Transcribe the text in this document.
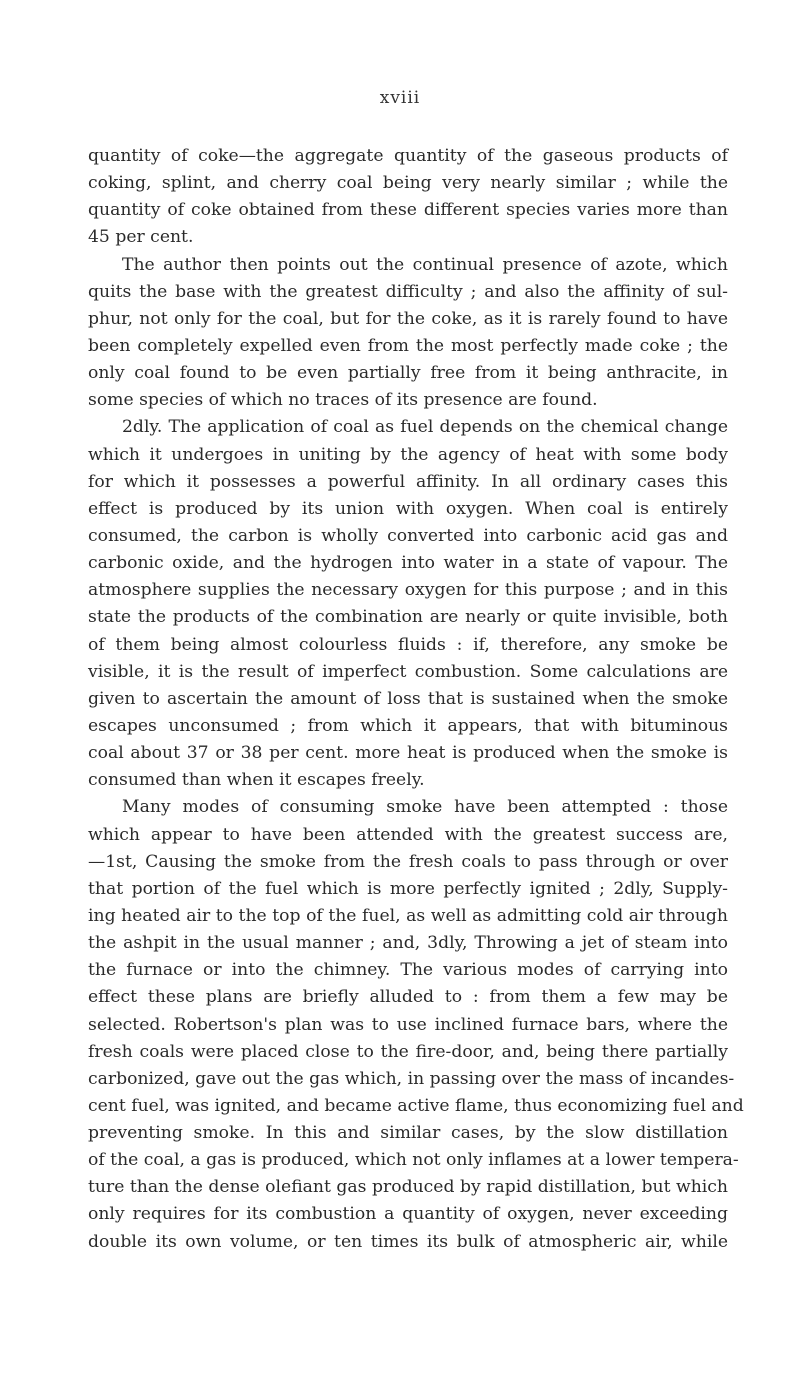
xviii
quantity of coke—the aggregate quantity of the gaseous products of
coking, splint, and cherry coal being very nearly similar ; while the
quantity of coke obtained from these different species varies more than
45 per cent.
The author then points out the continual presence of azote, which
quits the base with the greatest difficulty ; and also the affinity of sul-
phur, not only for the coal, but for the coke, as it is rarely found to have
been completely expelled even from the most perfectly made coke ; the
only coal found to be even partially free from it being anthracite, in
some species of which no traces of its presence are found.
2dly. The application of coal as fuel depends on the chemical change
which it undergoes in uniting by the agency of heat with some body
for which it possesses a powerful affinity. In all ordinary cases this
effect is produced by its union with oxygen. When coal is entirely
consumed, the carbon is wholly converted into carbonic acid gas and
carbonic oxide, and the hydrogen into water in a state of vapour. The
atmosphere supplies the necessary oxygen for this purpose ; and in this
state the products of the combination are nearly or quite invisible, both
of them being almost colourless fluids : if, therefore, any smoke be
visible, it is the result of imperfect combustion. Some calculations are
given to ascertain the amount of loss that is sustained when the smoke
escapes unconsumed ; from which it appears, that with bituminous
coal about 37 or 38 per cent. more heat is produced when the smoke is
consumed than when it escapes freely.
Many modes of consuming smoke have been attempted : those
which appear to have been attended with the greatest success are,
—1st, Causing the smoke from the fresh coals to pass through or over
that portion of the fuel which is more perfectly ignited ; 2dly, Supply-
ing heated air to the top of the fuel, as well as admitting cold air through
the ashpit in the usual manner ; and, 3dly, Throwing a jet of steam into
the furnace or into the chimney. The various modes of carrying into
effect these plans are briefly alluded to : from them a few may be
selected. Robertson's plan was to use inclined furnace bars, where the
fresh coals were placed close to the fire-door, and, being there partially
carbonized, gave out the gas which, in passing over the mass of incandes-
cent fuel, was ignited, and became active flame, thus economizing fuel and
preventing smoke. In this and similar cases, by the slow distillation
of the coal, a gas is produced, which not only inflames at a lower tempera-
ture than the dense olefiant gas produced by rapid distillation, but which
only requires for its combustion a quantity of oxygen, never exceeding
double its own volume, or ten times its bulk of atmospheric air, while
